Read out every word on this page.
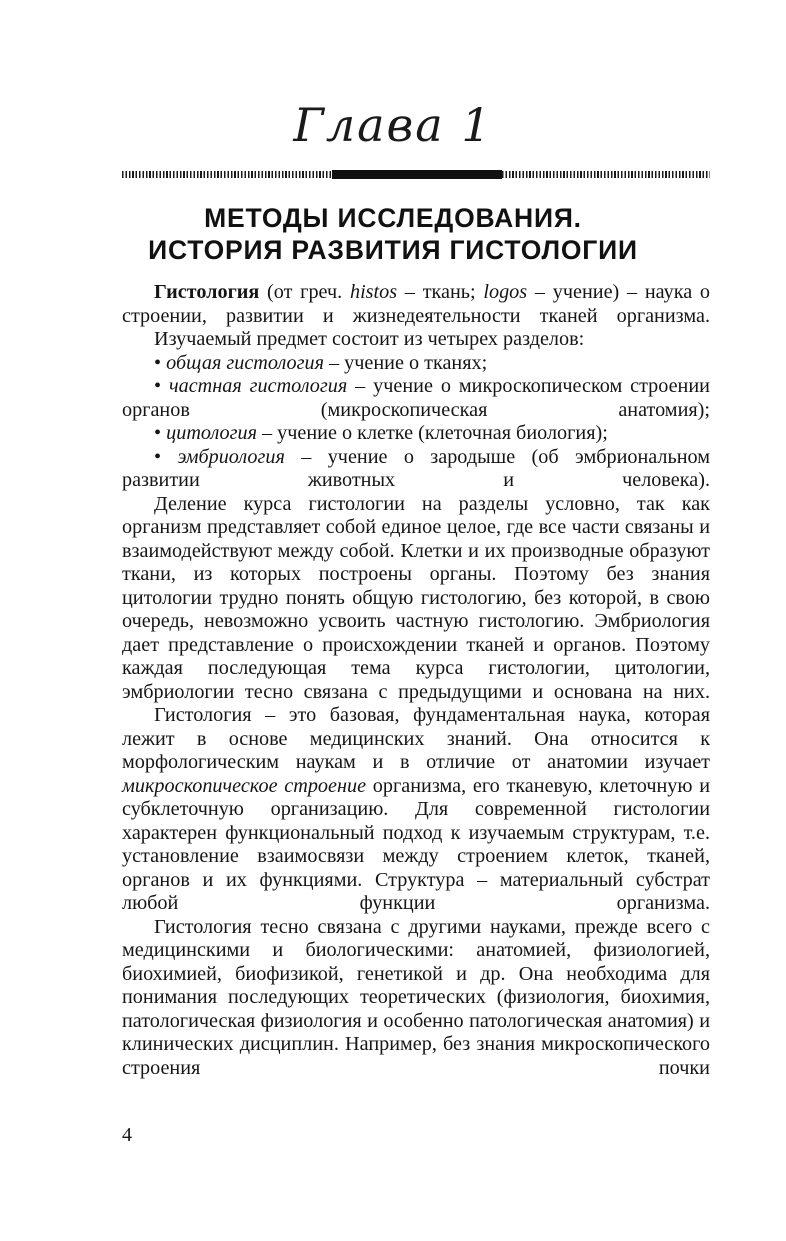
Глава 1
МЕТОДЫ ИССЛЕДОВАНИЯ.
ИСТОРИЯ РАЗВИТИЯ ГИСТОЛОГИИ

Гистология (от греч. histos – ткань; logos – учение) – наука о строении, развитии и жизнедеятельности тканей организма.

Изучаемый предмет состоит из четырех разделов:

• общая гистология – учение о тканях;

• частная гистология – учение о микроскопическом строении органов (микроскопическая анатомия);

• цитология – учение о клетке (клеточная биология);

• эмбриология – учение о зародыше (об эмбриональном развитии животных и человека).

Деление курса гистологии на разделы условно, так как организм представляет собой единое целое, где все части связаны и взаимодействуют между собой. Клетки и их производные образуют ткани, из которых построены органы. Поэтому без знания цитологии трудно понять общую гистологию, без которой, в свою очередь, невозможно усвоить частную гистологию. Эмбриология дает представление о происхождении тканей и органов. Поэтому каждая последующая тема курса гистологии, цитологии, эмбриологии тесно связана с предыдущими и основана на них.

Гистология – это базовая, фундаментальная наука, которая лежит в основе медицинских знаний. Она относится к морфологическим наукам и в отличие от анатомии изучает микроскопическое строение организма, его тканевую, клеточную и субклеточную организацию. Для современной гистологии характерен функциональный подход к изучаемым структурам, т.е. установление взаимосвязи между строением клеток, тканей, органов и их функциями. Структура – материальный субстрат любой функции организма.

Гистология тесно связана с другими науками, прежде всего с медицинскими и биологическими: анатомией, физиологией, биохимией, биофизикой, генетикой и др. Она необходима для понимания последующих теоретических (физиология, биохимия, патологическая физиология и особенно патологическая анатомия) и клинических дисциплин. Например, без знания микроскопического строения почки

4
